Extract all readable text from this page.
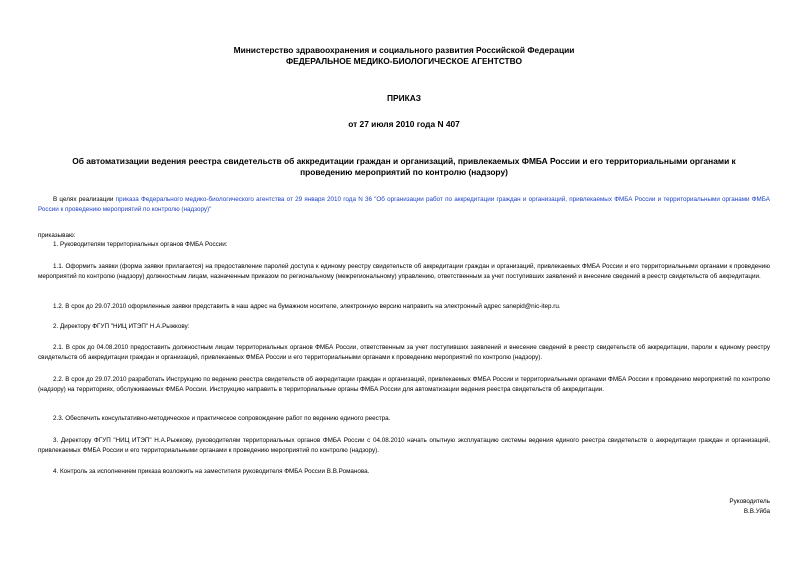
Министерство здравоохранения и социального развития Российской Федерации
ФЕДЕРАЛЬНОЕ МЕДИКО-БИОЛОГИЧЕСКОЕ АГЕНТСТВО
ПРИКАЗ
от 27 июля 2010 года N 407
Об автоматизации ведения реестра свидетельств об аккредитации граждан и организаций, привлекаемых ФМБА России и его территориальными органами к проведению мероприятий по контролю (надзору)
В целях реализации приказа Федерального медико-биологического агентства от 29 января 2010 года N 36 "Об организации работ по аккредитации граждан и организаций, привлекаемых ФМБА России и территориальными органами ФМБА России к проведению мероприятий по контролю (надзору)"
приказываю:
1. Руководителям территориальных органов ФМБА России:
1.1. Оформить заявки (форма заявки прилагается) на предоставление паролей доступа к единому реестру свидетельств об аккредитации граждан и организаций, привлекаемых ФМБА России и его территориальными органами к проведению мероприятий по контролю (надзору) должностным лицам, назначенным приказом по региональному (межрегиональному) управлению, ответственным за учет поступивших заявлений и внесение сведений в реестр свидетельств об аккредитации.
1.2. В срок до 29.07.2010 оформленные заявки представить в наш адрес на бумажном носителе, электронную версию направить на электронный адрес sanepid@nic-itep.ru.
2. Директору ФГУП "НИЦ ИТЭП" Н.А.Рыжкову:
2.1. В срок до 04.08.2010 предоставить должностным лицам территориальных органов ФМБА России, ответственным за учет поступивших заявлений и внесение сведений в реестр свидетельств об аккредитации, пароли к единому реестру свидетельств об аккредитации граждан и организаций, привлекаемых ФМБА России и его территориальными органами к проведению мероприятий по контролю (надзору).
2.2. В срок до 29.07.2010 разработать Инструкцию по ведению реестра свидетельств об аккредитации граждан и организаций, привлекаемых ФМБА России и территориальными органами ФМБА России к проведению мероприятий по контролю (надзору) на территориях, обслуживаемых ФМБА России. Инструкцию направить в территориальные органы ФМБА России для автоматизации ведения реестра свидетельств об аккредитации.
2.3. Обеспечить консультативно-методическое и практическое сопровождение работ по ведению единого реестра.
3. Директору ФГУП "НИЦ ИТЭП" Н.А.Рыжкову, руководителям территориальных органов ФМБА России с 04.08.2010 начать опытную эксплуатацию системы ведения единого реестра свидетельств о аккредитации граждан и организаций, привлекаемых ФМБА России и его территориальными органами к проведению мероприятий по контролю (надзору).
4. Контроль за исполнением приказа возложить на заместителя руководителя ФМБА России В.В.Романова.
Руководитель
В.В.Уйба
